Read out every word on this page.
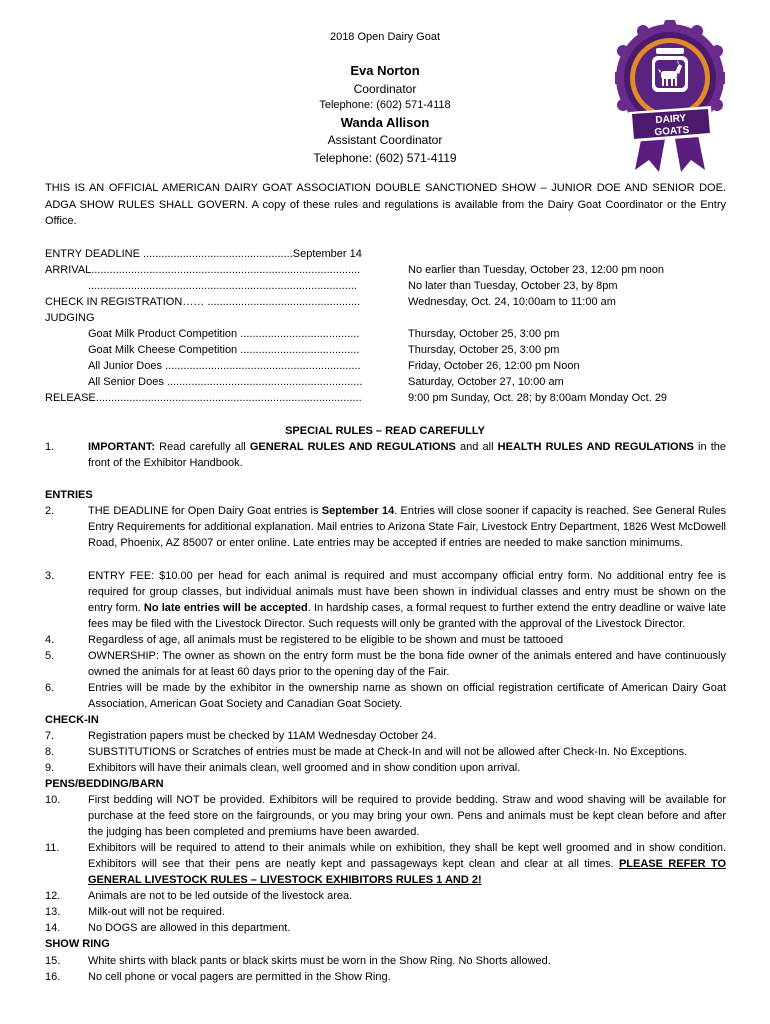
2018 Open Dairy Goat
Eva Norton
Coordinator
Telephone: (602) 571-4118
Wanda Allison
Assistant Coordinator
Telephone: (602) 571-4119
DAIRY
GOATS
THIS IS AN OFFICIAL AMERICAN DAIRY GOAT ASSOCIATION DOUBLE SANCTIONED SHOW – JUNIOR DOE AND SENIOR DOE. ADGA SHOW RULES SHALL GOVERN. A copy of these rules and regulations is available from the Dairy Goat Coordinator or the Entry Office.
ENTRY DEADLINE .................................................September 14
ARRIVAL........................................................................................	No earlier than Tuesday, October 23, 12:00 pm noon
........................................................................................	No later than Tuesday, October 23, by 8pm
CHECK IN REGISTRATION…… ..................................................	Wednesday, Oct. 24, 10:00am to 11:00 am
JUDGING
Goat Milk Product Competition .......................................	Thursday, October 25, 3:00 pm
Goat Milk Cheese Competition .......................................	Thursday, October 25, 3:00 pm
All Junior Does ................................................................	Friday, October 26, 12:00 pm Noon
All Senior Does ................................................................	Saturday, October 27, 10:00 am
RELEASE.......................................................................................	9:00 pm Sunday, Oct. 28; by 8:00am Monday Oct. 29
SPECIAL RULES – READ CAREFULLY
1.	IMPORTANT: Read carefully all GENERAL RULES AND REGULATIONS and all HEALTH RULES AND REGULATIONS in the front of the Exhibitor Handbook.
ENTRIES
2.	THE DEADLINE for Open Dairy Goat entries is September 14. Entries will close sooner if capacity is reached. See General Rules Entry Requirements for additional explanation. Mail entries to Arizona State Fair, Livestock Entry Department, 1826 West McDowell Road, Phoenix, AZ 85007 or enter online. Late entries may be accepted if entries are needed to make sanction minimums.
3.	ENTRY FEE: $10.00 per head for each animal is required and must accompany official entry form. No additional entry fee is required for group classes, but individual animals must have been shown in individual classes and entry must be shown on the entry form. No late entries will be accepted. In hardship cases, a formal request to further extend the entry deadline or waive late fees may be filed with the Livestock Director. Such requests will only be granted with the approval of the Livestock Director.
4.	Regardless of age, all animals must be registered to be eligible to be shown and must be tattooed
5.	OWNERSHIP: The owner as shown on the entry form must be the bona fide owner of the animals entered and have continuously owned the animals for at least 60 days prior to the opening day of the Fair.
6.	Entries will be made by the exhibitor in the ownership name as shown on official registration certificate of American Dairy Goat Association, American Goat Society and Canadian Goat Society.
CHECK-IN
7.	Registration papers must be checked by 11AM Wednesday October 24.
8.	SUBSTITUTIONS or Scratches of entries must be made at Check-In and will not be allowed after Check-In. No Exceptions.
9.	Exhibitors will have their animals clean, well groomed and in show condition upon arrival.
PENS/BEDDING/BARN
10.	First bedding will NOT be provided. Exhibitors will be required to provide bedding. Straw and wood shaving will be available for purchase at the feed store on the fairgrounds, or you may bring your own. Pens and animals must be kept clean before and after the judging has been completed and premiums have been awarded.
11.	Exhibitors will be required to attend to their animals while on exhibition, they shall be kept well groomed and in show condition. Exhibitors will see that their pens are neatly kept and passageways kept clean and clear at all times. PLEASE REFER TO GENERAL LIVESTOCK RULES – LIVESTOCK EXHIBITORS RULES 1 AND 2!
12.	Animals are not to be led outside of the livestock area.
13.	Milk-out will not be required.
14.	No DOGS are allowed in this department.
SHOW RING
15.	White shirts with black pants or black skirts must be worn in the Show Ring. No Shorts allowed.
16.	No cell phone or vocal pagers are permitted in the Show Ring.
